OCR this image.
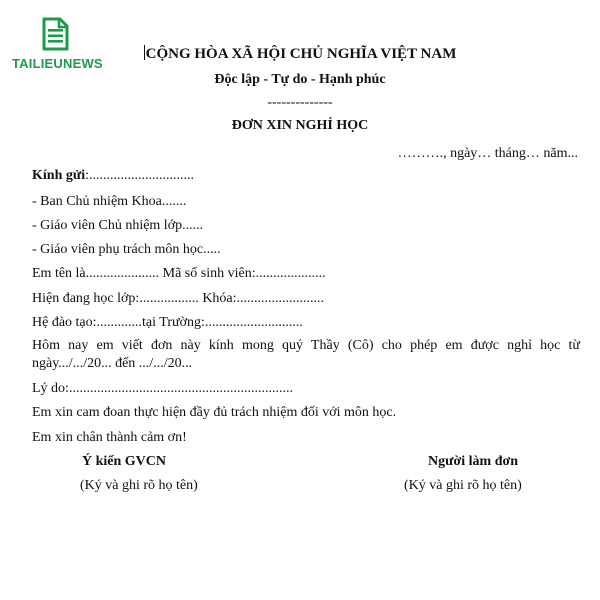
TAILIEUNEWS
CỘNG HÒA XÃ HỘI CHỦ NGHĨA VIỆT NAM
Độc lập - Tự do - Hạnh phúc
--------------
ĐƠN XIN NGHỈ HỌC
………., ngày… tháng… năm...
Kính gửi:..............................
- Ban Chủ nhiệm Khoa.......
- Giáo viên Chủ nhiệm lớp......
- Giáo viên phụ trách môn học.....
Em tên là..................... Mã số sinh viên:....................
Hiện đang học lớp:................. Khóa:.........................
Hệ đào tạo:.............tại Trường:............................
Hôm nay em viết đơn này kính mong quý Thầy (Cô) cho phép em được nghỉ học từ ngày.../.../20... đến .../.../20...
Lý do:................................................................
Em xin cam đoan thực hiện đầy đủ trách nhiệm đối với môn học.
Em xin chân thành cảm ơn!
Ý kiến GVCN
(Ký và ghi rõ họ tên)
Người làm đơn
(Ký và ghi rõ họ tên)
